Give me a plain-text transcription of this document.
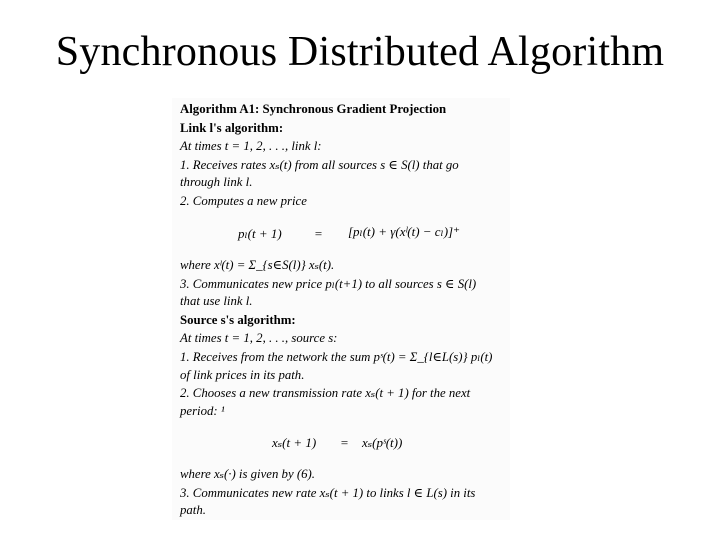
Synchronous Distributed Algorithm
Algorithm A1: Synchronous Gradient Projection
Link l's algorithm:
At times t = 1, 2, . . ., link l:
1. Receives rates xₛ(t) from all sources s ∈ S(l) that go
through link l.
2. Computes a new price
pₗ(t + 1) = [pₗ(t) + γ(xˡ(t) − cₗ)]⁺
where xˡ(t) = Σ_{s∈S(l)} xₛ(t).
3. Communicates new price pₗ(t+1) to all sources s ∈ S(l)
that use link l.
Source s's algorithm:
At times t = 1, 2, . . ., source s:
1. Receives from the network the sum pˢ(t) = Σ_{l∈L(s)} pₗ(t)
of link prices in its path.
2. Chooses a new transmission rate xₛ(t + 1) for the next
period: ¹
xₛ(t + 1) = xₛ(pˢ(t))
where xₛ(·) is given by (6).
3. Communicates new rate xₛ(t + 1) to links l ∈ L(s) in its
path.
